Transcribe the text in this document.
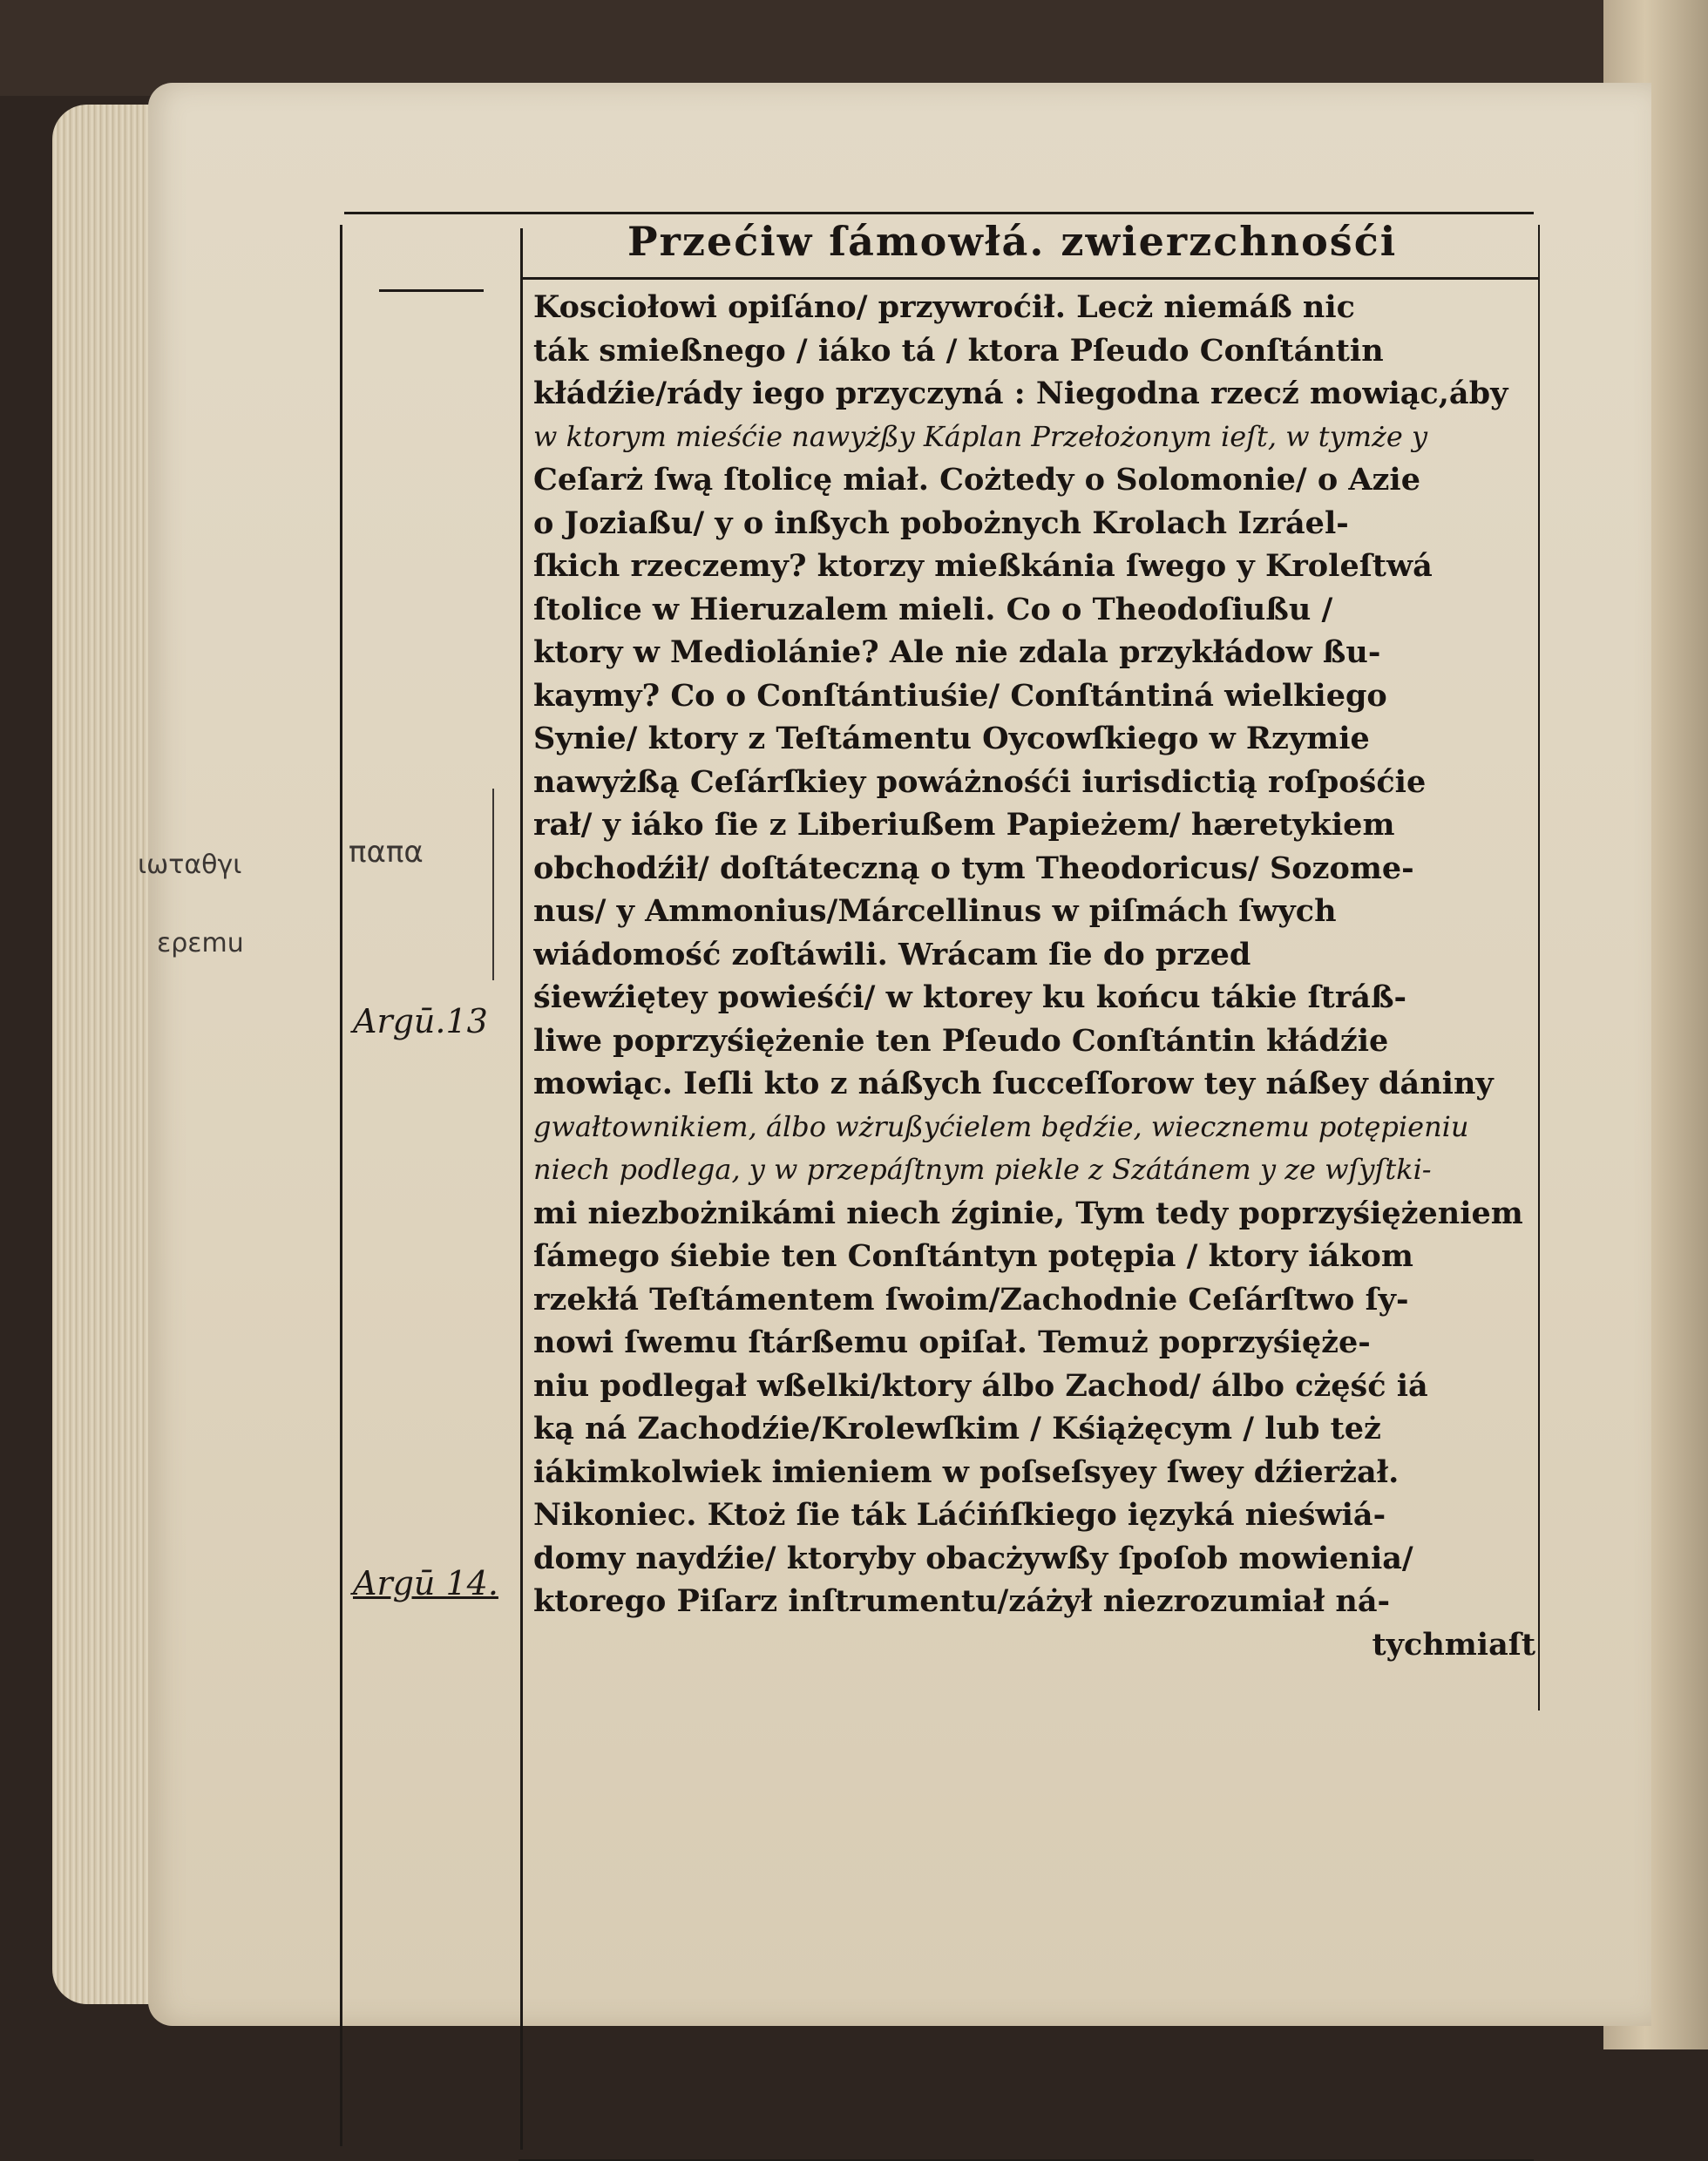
Przećiw ſámowłá. zwierzchnośći
Kosciołowi opiſáno/ przywroćił. Lecż niemáß nic
ták smießnego / iáko tá / ktora Pſeudo Conſtántin
kłádźie/rády iego przyczyná : Niegodna rzecź mowiąc,áby
w ktorym mieśćie nawyżßy Káplan Przełożonym ieſt, w tymże y
Ceſarż ſwą ſtolicę miał. Cożtedy o Solomonie/ o Azie
o Joziaßu/ y o inßych pobożnych Krolach Izráel-
ſkich rzeczemy? ktorzy mießkánia ſwego y Kroleſtwá
ſtolice w Hieruzalem mieli. Co o Theodoſiußu /
ktory w Mediolánie? Ale nie zdala przykłádow ßu-
kaymy? Co o Conſtántiuśie/ Conſtántiná wielkiego
Synie/ ktory z Teſtámentu Oycowſkiego w Rzymie
nawyżßą Ceſárſkiey powáżnośći iurisdictią roſpośćie
rał/ y iáko ſie z Liberiußem Papieżem/ hæretykiem
obchodźił/ doſtáteczną o tym Theodoricus/ Sozome-
nus/ y Ammonius/Márcellinus w piſmách ſwych
wiádomość zoſtáwili. Wrácam ſie do przed
śiewźiętey powieśći/ w ktorey ku końcu tákie ſtráß-
liwe poprzyśiężenie ten Pſeudo Conſtántin kłádźie
mowiąc. Ieſli kto z náßych ſucceſſorow tey náßey dániny
gwałtownikiem, álbo wżrußyćielem będźie, wiecznemu potępieniu
niech podlega, y w przepáſtnym piekle z Szátánem y ze wſyſtki-
mi niezbożnikámi niech źginie, Tym tedy poprzyśiężeniem
ſámego śiebie ten Conſtántyn potępia / ktory iákom
rzekłá Teſtámentem ſwoim/Zachodnie Ceſárſtwo ſy-
nowi ſwemu ſtárßemu opiſał. Temuż poprzyśięże-
niu podlegał wßelki/ktory álbo Zachod/ álbo cżęść iá
ką ná Zachodźie/Krolewſkim / Kśiążęcym / lub też
iákimkolwiek imieniem w poſseſsyey ſwey dźierżał.
Nikoniec. Ktoż ſie ták Láćińſkiego ięzyká nieświá-
domy naydźie/ ktoryby obacżywßy ſpoſob mowienia/
ktorego Piſarz inſtrumentu/záżył niezrozumiał ná-
tychmiaſt
Argū.13
Argū 14.
παπα
ιωταθγι
ερεmu
